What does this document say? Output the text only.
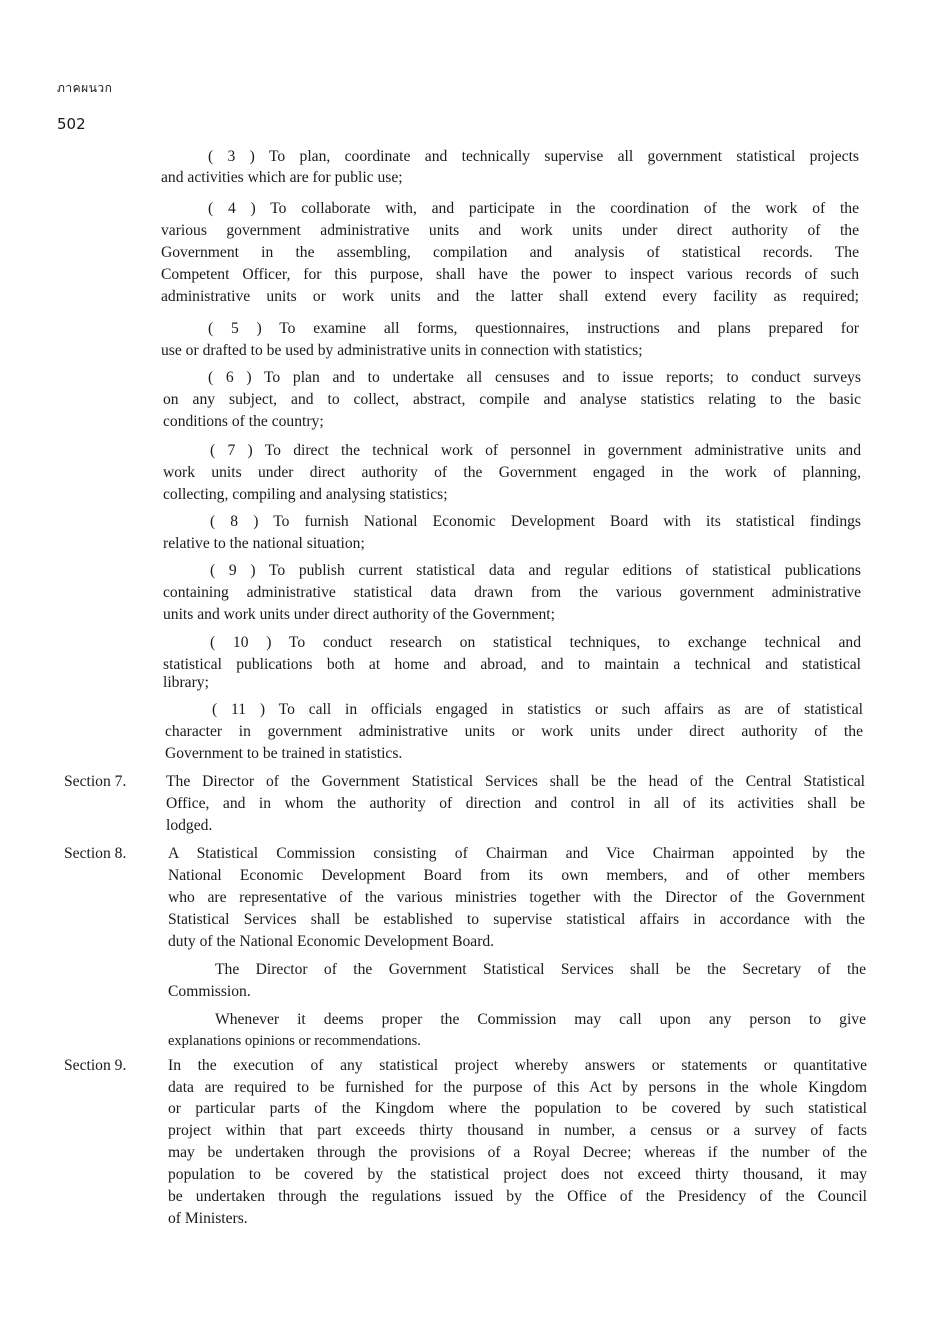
ภาคผนวก
502
( 3 ) To plan, coordinate and technically supervise all government statistical projects
and activities which are for public use;
( 4 ) To collaborate with, and participate in the coordination of the work of the
various government administrative units and work units under direct authority of the
Government in the assembling, compilation and analysis of statistical records. The
Competent Officer, for this purpose, shall have the power to inspect various records of such
administrative units or work units and the latter shall extend every facility as required;
( 5 ) To examine all forms, questionnaires, instructions and plans prepared for
use or drafted to be used by administrative units in connection with statistics;
( 6 ) To plan and to undertake all censuses and to issue reports; to conduct surveys
on any subject, and to collect, abstract, compile and analyse statistics relating to the basic
conditions of the country;
( 7 ) To direct the technical work of personnel in government administrative units and
work units under direct authority of the Government engaged in the work of planning,
collecting, compiling and analysing statistics;
( 8 ) To furnish National Economic Development Board with its statistical findings
relative to the national situation;
( 9 ) To publish current statistical data and regular editions of statistical publications
containing administrative statistical data drawn from the various government administrative
units and work units under direct authority of the Government;
( 10 ) To conduct research on statistical techniques, to exchange technical and
statistical publications both at home and abroad, and to maintain a technical and statistical
library;
( 11 ) To call in officials engaged in statistics or such affairs as are of statistical
character in government administrative units or work units under direct authority of the
Government to be trained in statistics.
Section 7.	The Director of the Government Statistical Services shall be the head of the Central Statistical
Office, and in whom the authority of direction and control in all of its activities shall be
lodged.
Section 8.	A Statistical Commission consisting of Chairman and Vice Chairman appointed by the
National Economic Development Board from its own members, and of other members
who are representative of the various ministries together with the Director of the Government
Statistical Services shall be established to supervise statistical affairs in accordance with the
duty of the National Economic Development Board.
The Director of the Government Statistical Services shall be the Secretary of the
Commission.
Whenever it deems proper the Commission may call upon any person to give
explanations opinions or recommendations.
Section 9.	In the execution of any statistical project whereby answers or statements or quantitative
data are required to be furnished for the purpose of this Act by persons in the whole Kingdom
or particular parts of the Kingdom where the population to be covered by such statistical
project within that part exceeds thirty thousand in number, a census or a survey of facts
may be undertaken through the provisions of a Royal Decree; whereas if the number of the
population to be covered by the statistical project does not exceed thirty thousand, it may
be undertaken through the regulations issued by the Office of the Presidency of the Council
of Ministers.
